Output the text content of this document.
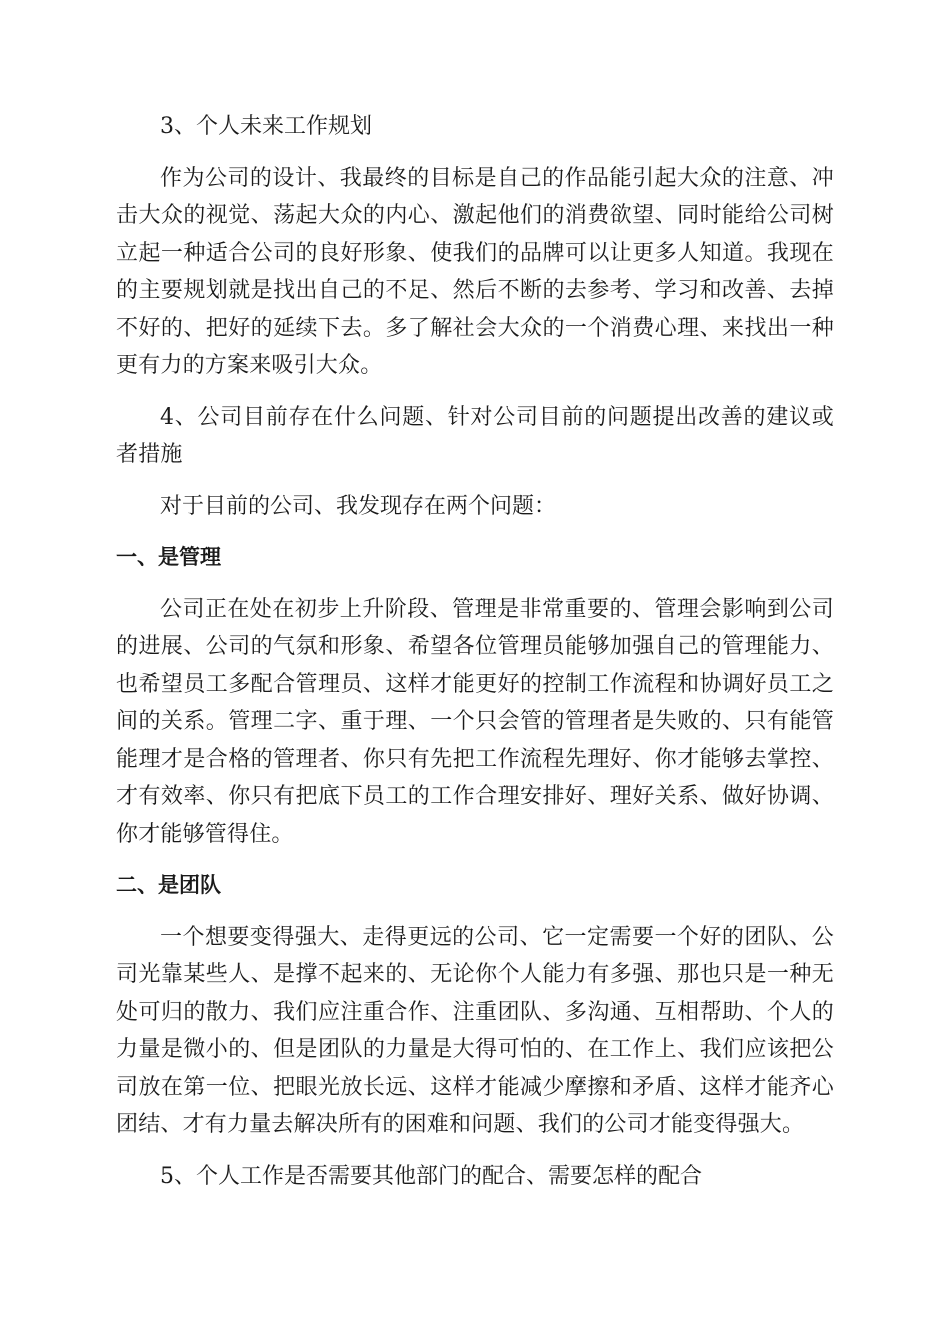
3、个人未来工作规划

作为公司的设计、我最终的目标是自己的作品能引起大众的注意、冲击大众的视觉、荡起大众的内心、激起他们的消费欲望、同时能给公司树立起一种适合公司的良好形象、使我们的品牌可以让更多人知道。我现在的主要规划就是找出自己的不足、然后不断的去参考、学习和改善、去掉不好的、把好的延续下去。多了解社会大众的一个消费心理、来找出一种更有力的方案来吸引大众。

4、公司目前存在什么问题、针对公司目前的问题提出改善的建议或者措施

对于目前的公司、我发现存在两个问题：

一、是管理

公司正在处在初步上升阶段、管理是非常重要的、管理会影响到公司的进展、公司的气氛和形象、希望各位管理员能够加强自己的管理能力、也希望员工多配合管理员、这样才能更好的控制工作流程和协调好员工之间的关系。管理二字、重于理、一个只会管的管理者是失败的、只有能管能理才是合格的管理者、你只有先把工作流程先理好、你才能够去掌控、才有效率、你只有把底下员工的工作合理安排好、理好关系、做好协调、你才能够管得住。

二、是团队

一个想要变得强大、走得更远的公司、它一定需要一个好的团队、公司光靠某些人、是撑不起来的、无论你个人能力有多强、那也只是一种无处可归的散力、我们应注重合作、注重团队、多沟通、互相帮助、个人的力量是微小的、但是团队的力量是大得可怕的、在工作上、我们应该把公司放在第一位、把眼光放长远、这样才能减少摩擦和矛盾、这样才能齐心团结、才有力量去解决所有的困难和问题、我们的公司才能变得强大。

5、个人工作是否需要其他部门的配合、需要怎样的配合
